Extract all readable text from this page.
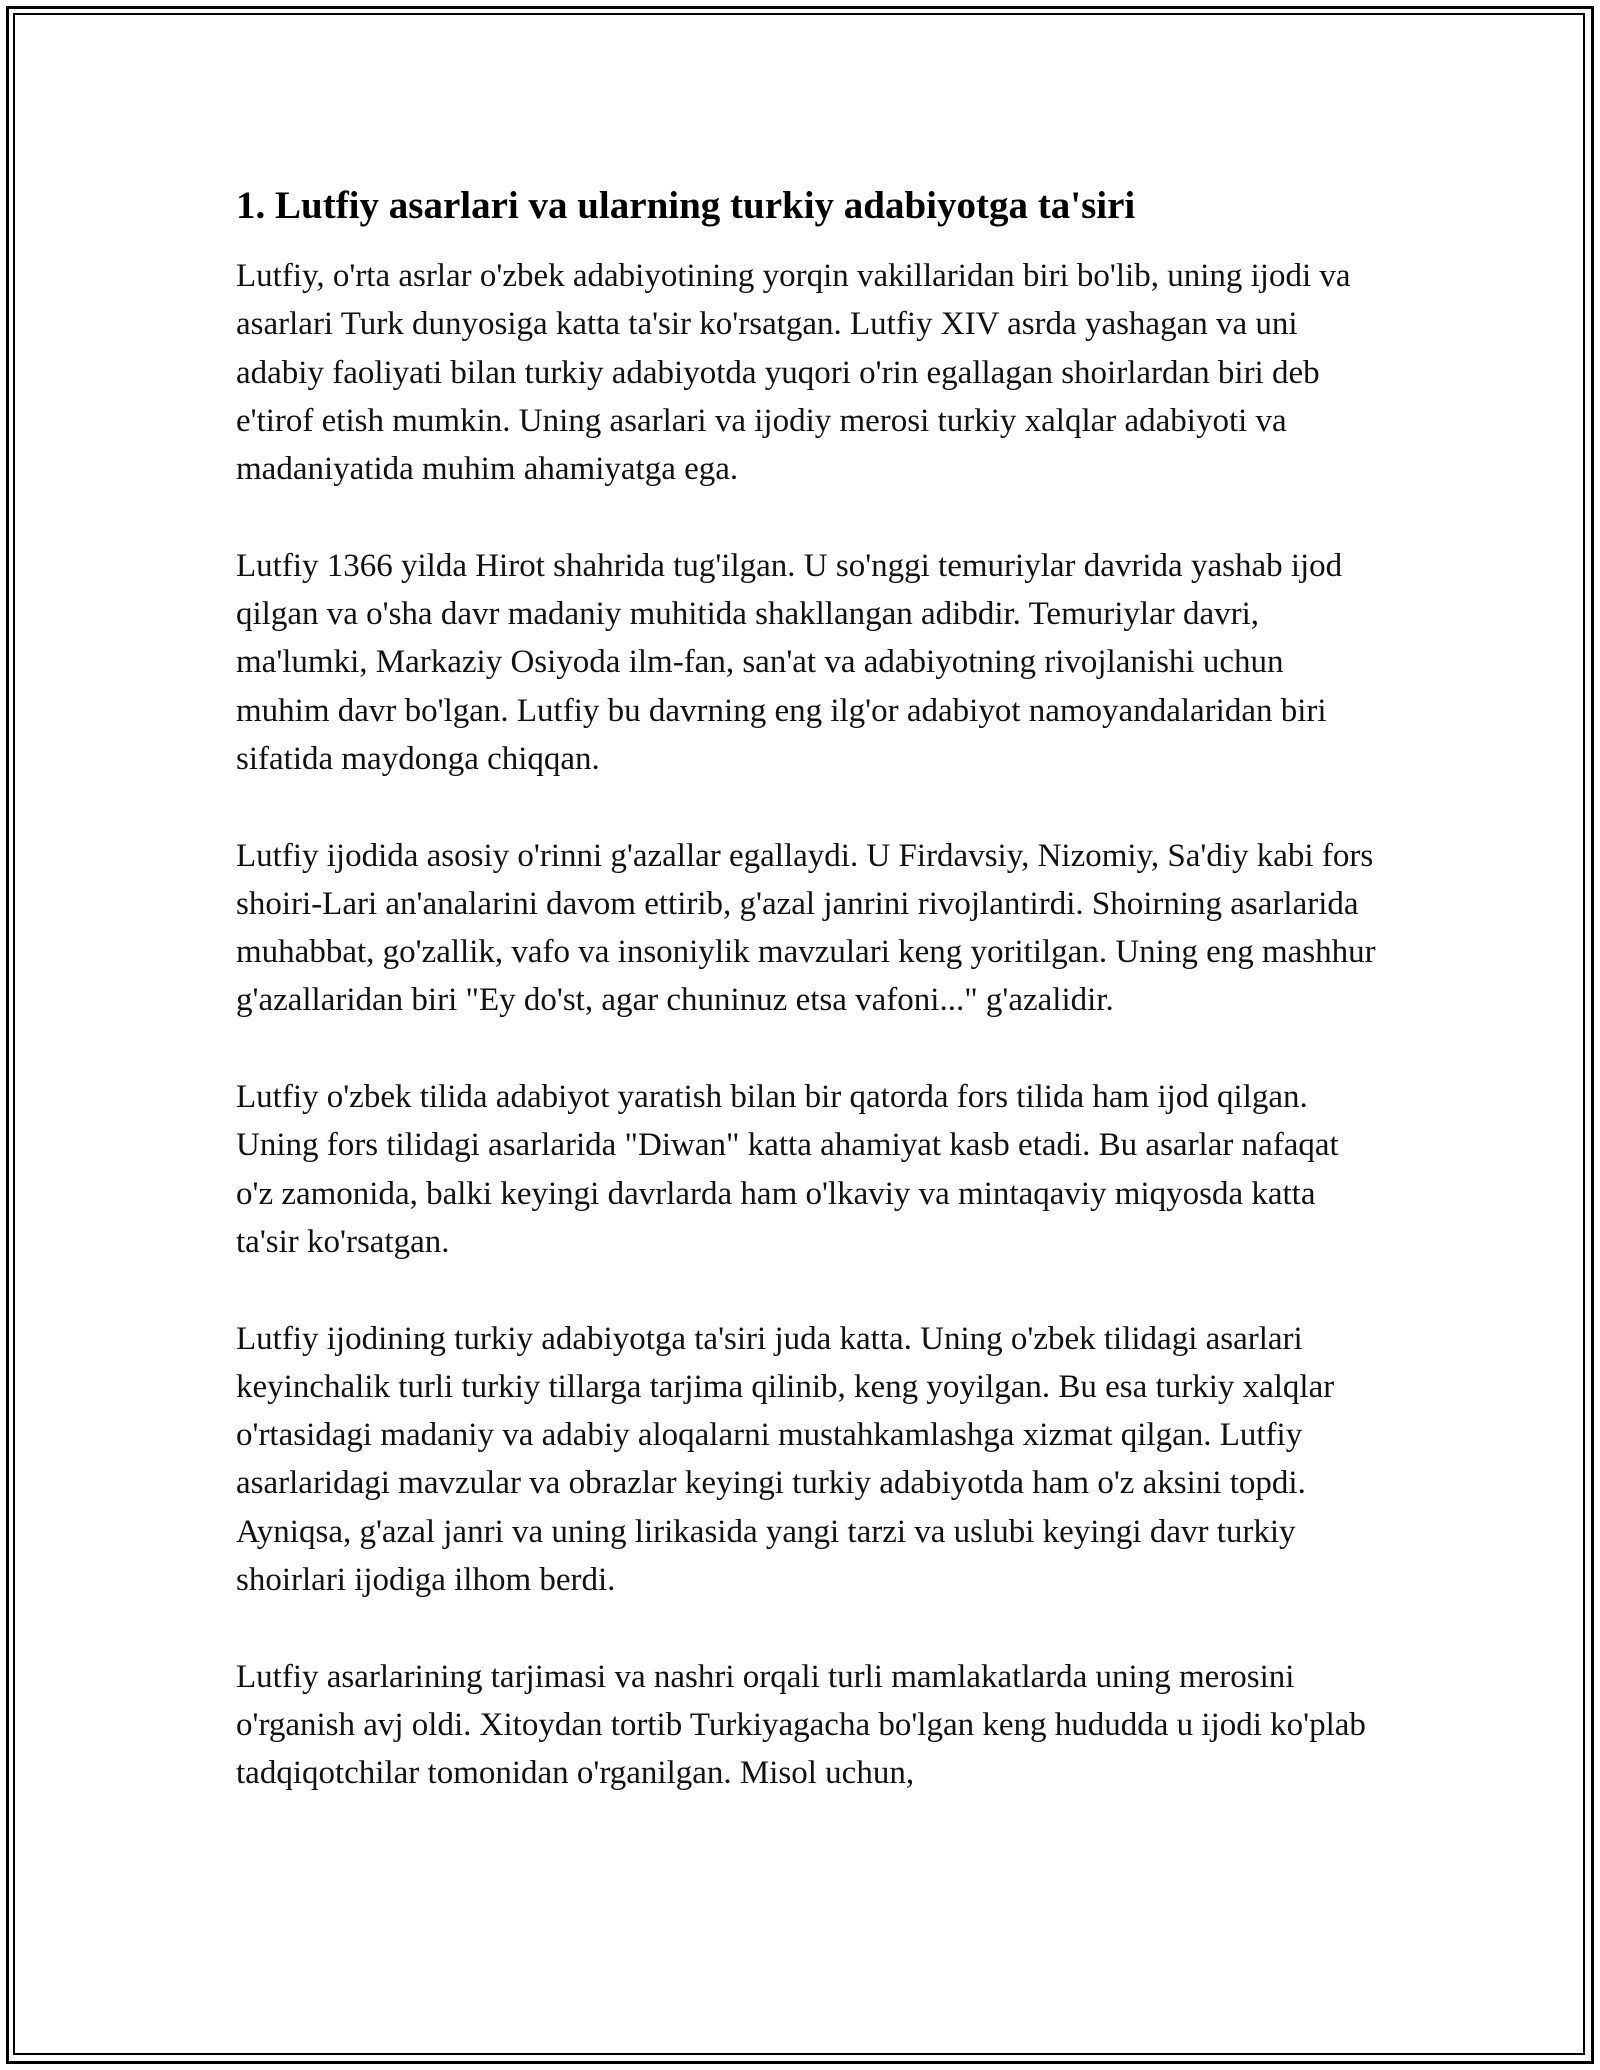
1. Lutfiy asarlari va ularning turkiy adabiyotga ta'siri

Lutfiy, o'rta asrlar o'zbek adabiyotining yorqin vakillaridan biri bo'lib, uning ijodi va asarlari Turk dunyosiga katta ta'sir ko'rsatgan. Lutfiy XIV asrda yashagan va uni adabiy faoliyati bilan turkiy adabiyotda yuqori o'rin egallagan shoirlardan biri deb e'tirof etish mumkin. Uning asarlari va ijodiy merosi turkiy xalqlar adabiyoti va madaniyatida muhim ahamiyatga ega.

Lutfiy 1366 yilda Hirot shahrida tug'ilgan. U so'nggi temuriylar davrida yashab ijod qilgan va o'sha davr madaniy muhitida shakllangan adibdir. Temuriylar davri, ma'lumki, Markaziy Osiyoda ilm-fan, san'at va adabiyotning rivojlanishi uchun muhim davr bo'lgan. Lutfiy bu davrning eng ilg'or adabiyot namoyandalaridan biri sifatida maydonga chiqqan.

Lutfiy ijodida asosiy o'rinni g'azallar egallaydi. U Firdavsiy, Nizomiy, Sa'diy kabi fors shoiri-Lari an'analarini davom ettirib, g'azal janrini rivojlantirdi. Shoirning asarlarida muhabbat, go'zallik, vafo va insoniylik mavzulari keng yoritilgan. Uning eng mashhur g'azallaridan biri "Ey do'st, agar chuninuz etsa vafoni..." g'azalidir.

Lutfiy o'zbek tilida adabiyot yaratish bilan bir qatorda fors tilida ham ijod qilgan. Uning fors tilidagi asarlarida "Diwan" katta ahamiyat kasb etadi. Bu asarlar nafaqat o'z zamonida, balki keyingi davrlarda ham o'lkaviy va mintaqaviy miqyosda katta ta'sir ko'rsatgan.

Lutfiy ijodining turkiy adabiyotga ta'siri juda katta. Uning o'zbek tilidagi asarlari keyinchalik turli turkiy tillarga tarjima qilinib, keng yoyilgan. Bu esa turkiy xalqlar o'rtasidagi madaniy va adabiy aloqalarni mustahkamlashga xizmat qilgan. Lutfiy asarlaridagi mavzular va obrazlar keyingi turkiy adabiyotda ham o'z aksini topdi. Ayniqsa, g'azal janri va uning lirikasida yangi tarzi va uslubi keyingi davr turkiy shoirlari ijodiga ilhom berdi.

Lutfiy asarlarining tarjimasi va nashri orqali turli mamlakatlarda uning merosini o'rganish avj oldi. Xitoydan tortib Turkiyagacha bo'lgan keng hududda u ijodi ko'plab tadqiqotchilar tomonidan o'rganilgan. Misol uchun,
